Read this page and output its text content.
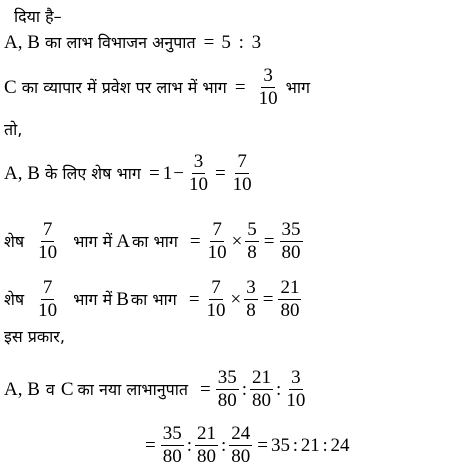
दिया है–
A, B का लाभ विभाजन अनुपात = 5 : 3
C का व्यापार में प्रवेश पर लाभ में भाग = $\frac{3}{10}$ भाग
तो,
A, B के लिए शेष भाग = $1 - \frac{3}{10} = \frac{7}{10}$
शेष $\frac{7}{10}$ भाग में A का भाग = $\frac{7}{10} \times \frac{5}{8} = \frac{35}{80}$
शेष $\frac{7}{10}$ भाग में B का भाग = $\frac{7}{10} \times \frac{3}{8} = \frac{21}{80}$
इस प्रकार,
A, B व C का नया लाभानुपात = $\frac{35}{80}$ : $\frac{21}{80}$ : $\frac{3}{10}$
= $\frac{35}{80}$ : $\frac{21}{80}$ : $\frac{24}{80} = 35$ : 21 : 24
